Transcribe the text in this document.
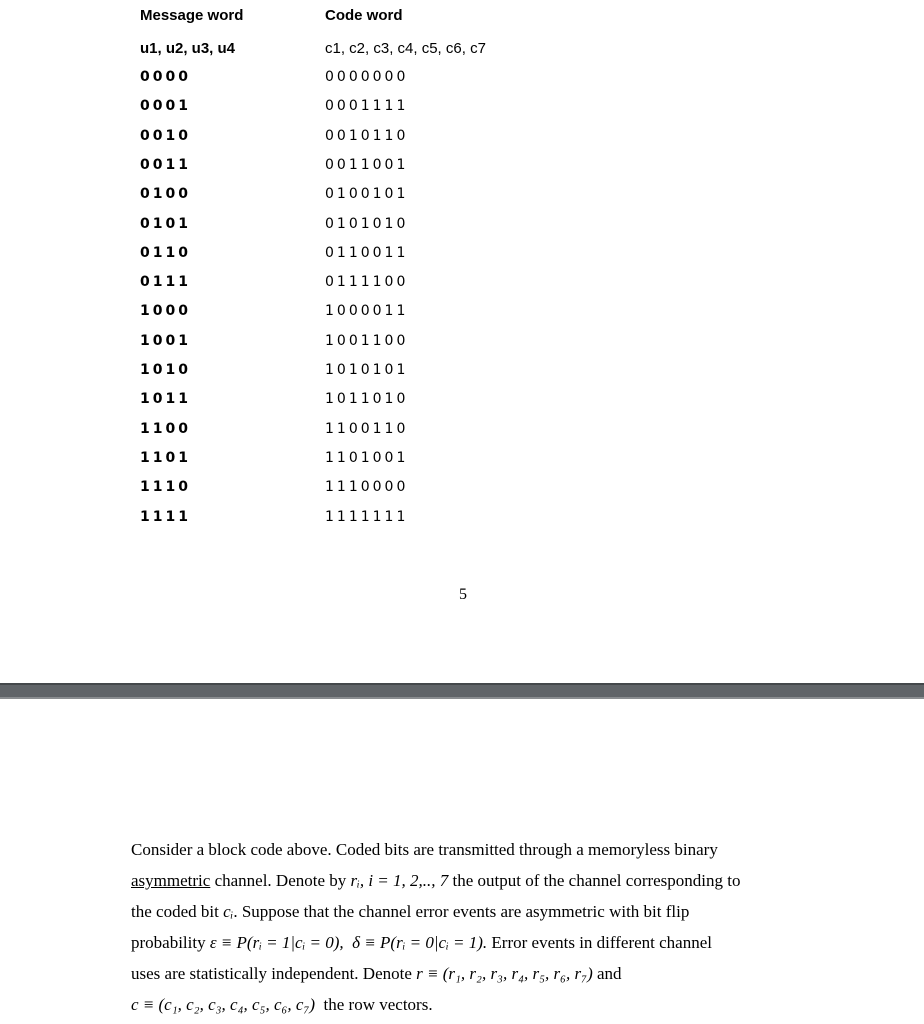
Message word	Code word
u1, u2, u3, u4	c1, c2, c3, c4, c5, c6, c7
0000	0000000
0001	0001111
0010	0010110
0011	0011001
0100	0100101
0101	0101010
0110	0110011
0111	0111100
1000	1000011
1001	1001100
1010	1010101
1011	1011010
1100	1100110
1101	1101001
1110	1110000
1111	1111111
5

Consider a block code above. Coded bits are transmitted through a memoryless binary

asymmetric channel. Denote by rᵢ, i = 1, 2,.., 7 the output of the channel corresponding to

the coded bit cᵢ. Suppose that the channel error events are asymmetric with bit flip

probability ε ≡ P(rᵢ = 1|cᵢ = 0), δ ≡ P(rᵢ = 0|cᵢ = 1). Error events in different channel

uses are statistically independent. Denote r ≡ (r₁, r₂, r₃, r₄, r₅, r₆, r₇) and

c ≡ (c₁, c₂, c₃, c₄, c₅, c₆, c₇)  the row vectors.
